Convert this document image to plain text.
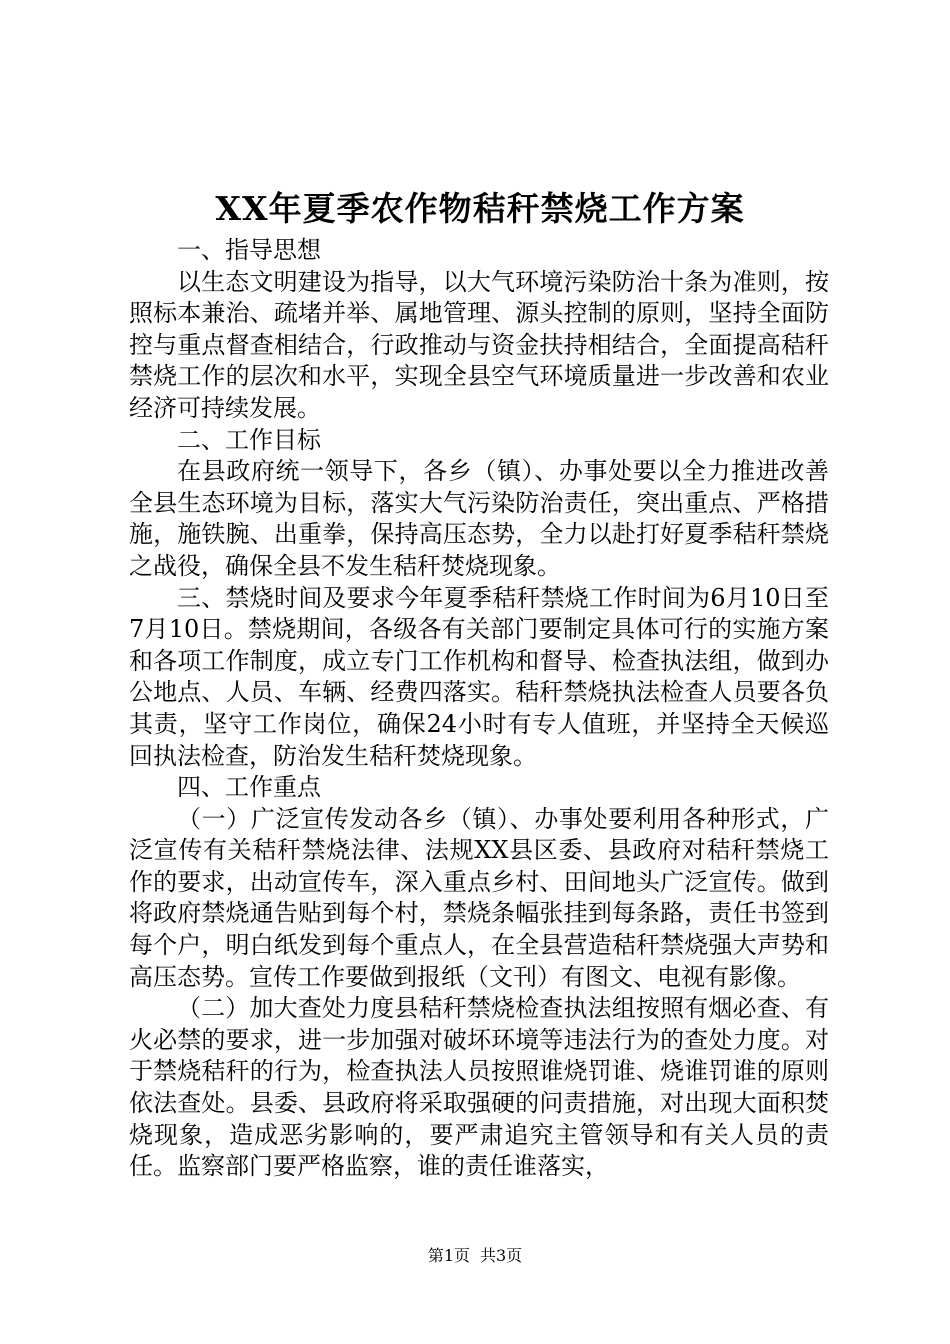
XX年夏季农作物秸秆禁烧工作方案

一、指导思想

以生态文明建设为指导，以大气环境污染防治十条为准则，按照标本兼治、疏堵并举、属地管理、源头控制的原则，坚持全面防控与重点督查相结合，行政推动与资金扶持相结合，全面提高秸秆禁烧工作的层次和水平，实现全县空气环境质量进一步改善和农业经济可持续发展。

二、工作目标

在县政府统一领导下，各乡（镇）、办事处要以全力推进改善全县生态环境为目标，落实大气污染防治责任，突出重点、严格措施，施铁腕、出重拳，保持高压态势，全力以赴打好夏季秸秆禁烧之战役，确保全县不发生秸秆焚烧现象。

三、禁烧时间及要求今年夏季秸秆禁烧工作时间为6月10日至7月10日。禁烧期间，各级各有关部门要制定具体可行的实施方案和各项工作制度，成立专门工作机构和督导、检查执法组，做到办公地点、人员、车辆、经费四落实。秸秆禁烧执法检查人员要各负其责，坚守工作岗位，确保24小时有专人值班，并坚持全天候巡回执法检查，防治发生秸秆焚烧现象。

四、工作重点

（一）广泛宣传发动各乡（镇）、办事处要利用各种形式，广泛宣传有关秸秆禁烧法律、法规XX县区委、县政府对秸秆禁烧工作的要求，出动宣传车，深入重点乡村、田间地头广泛宣传。做到将政府禁烧通告贴到每个村，禁烧条幅张挂到每条路，责任书签到每个户，明白纸发到每个重点人，在全县营造秸秆禁烧强大声势和高压态势。宣传工作要做到报纸（文刊）有图文、电视有影像。

（二）加大查处力度县秸秆禁烧检查执法组按照有烟必查、有火必禁的要求，进一步加强对破坏环境等违法行为的查处力度。对于禁烧秸秆的行为，检查执法人员按照谁烧罚谁、烧谁罚谁的原则依法查处。县委、县政府将采取强硬的问责措施，对出现大面积焚烧现象，造成恶劣影响的，要严肃追究主管领导和有关人员的责任。监察部门要严格监察，谁的责任谁落实，

第1页 共3页
